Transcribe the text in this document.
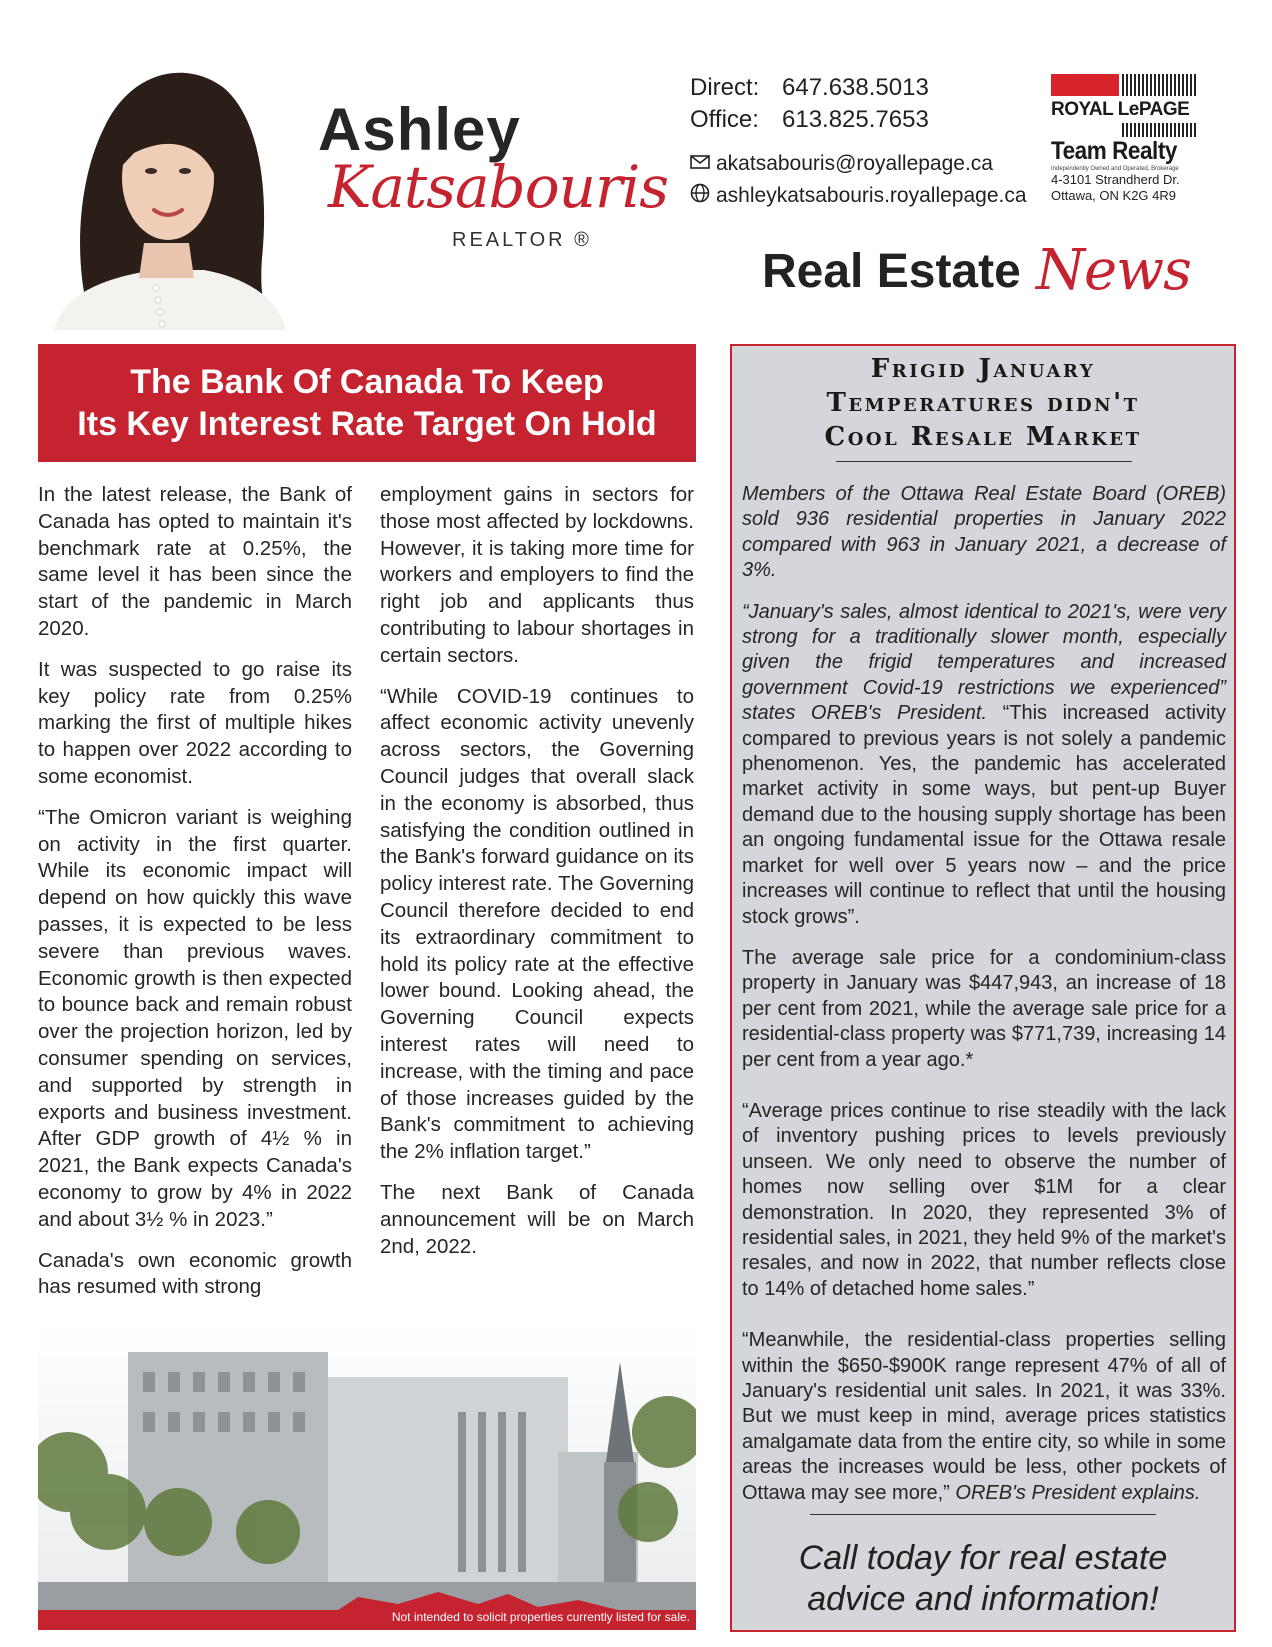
Ashley
Katsabouris
REALTOR ®
Direct: 647.638.5013
Office: 613.825.7653
akatsabouris@royallepage.ca
ashleykatsabouris.royallepage.ca
ROYAL LePAGE
Team Realty
Independently Owned and Operated, Brokerage
4-3101 Strandherd Dr.
Ottawa, ON K2G 4R9
Real Estate News
The Bank Of Canada To Keep
Its Key Interest Rate Target On Hold

In the latest release, the Bank of Canada has opted to maintain it's benchmark rate at 0.25%, the same level it has been since the start of the pandemic in March 2020.

It was suspected to go raise its key policy rate from 0.25% marking the first of multiple hikes to happen over 2022 according to some economist.

“The Omicron variant is weighing on activity in the first quarter. While its economic impact will depend on how quickly this wave passes, it is expected to be less severe than previous waves. Economic growth is then expected to bounce back and remain robust over the projection horizon, led by consumer spending on services, and supported by strength in exports and business investment. After GDP growth of 4½ % in 2021, the Bank expects Canada's economy to grow by 4% in 2022 and about 3½ % in 2023.”

Canada's own economic growth has resumed with strong

employment gains in sectors for those most affected by lockdowns. However, it is taking more time for workers and employers to find the right job and applicants thus contributing to labour shortages in certain sectors.

“While COVID-19 continues to affect economic activity unevenly across sectors, the Governing Council judges that overall slack in the economy is absorbed, thus satisfying the condition outlined in the Bank's forward guidance on its policy interest rate. The Governing Council therefore decided to end its extraordinary commitment to hold its policy rate at the effective lower bound. Looking ahead, the Governing Council expects interest rates will need to increase, with the timing and pace of those increases guided by the Bank's commitment to achieving the 2% inflation target.”

The next Bank of Canada announcement will be on March 2nd, 2022.

Not intended to solicit properties currently listed for sale.
Frigid January
Temperatures didn't
Cool Resale Market

Members of the Ottawa Real Estate Board (OREB) sold 936 residential properties in January 2022 compared with 963 in January 2021, a decrease of 3%.

“January's sales, almost identical to 2021's, were very strong for a traditionally slower month, especially given the frigid temperatures and increased government Covid-19 restrictions we experienced” states OREB's President. “This increased activity compared to previous years is not solely a pandemic phenomenon. Yes, the pandemic has accelerated market activity in some ways, but pent-up Buyer demand due to the housing supply shortage has been an ongoing fundamental issue for the Ottawa resale market for well over 5 years now – and the price increases will continue to reflect that until the housing stock grows”.

The average sale price for a condominium-class property in January was $447,943, an increase of 18 per cent from 2021, while the average sale price for a residential-class property was $771,739, increasing 14 per cent from a year ago.*

“Average prices continue to rise steadily with the lack of inventory pushing prices to levels previously unseen. We only need to observe the number of homes now selling over $1M for a clear demonstration. In 2020, they represented 3% of residential sales, in 2021, they held 9% of the market's resales, and now in 2022, that number reflects close to 14% of detached home sales.”

“Meanwhile, the residential-class properties selling within the $650-$900K range represent 47% of all of January's residential unit sales. In 2021, it was 33%. But we must keep in mind, average prices statistics amalgamate data from the entire city, so while in some areas the increases would be less, other pockets of Ottawa may see more,” OREB's President explains.

Call today for real estate
advice and information!
